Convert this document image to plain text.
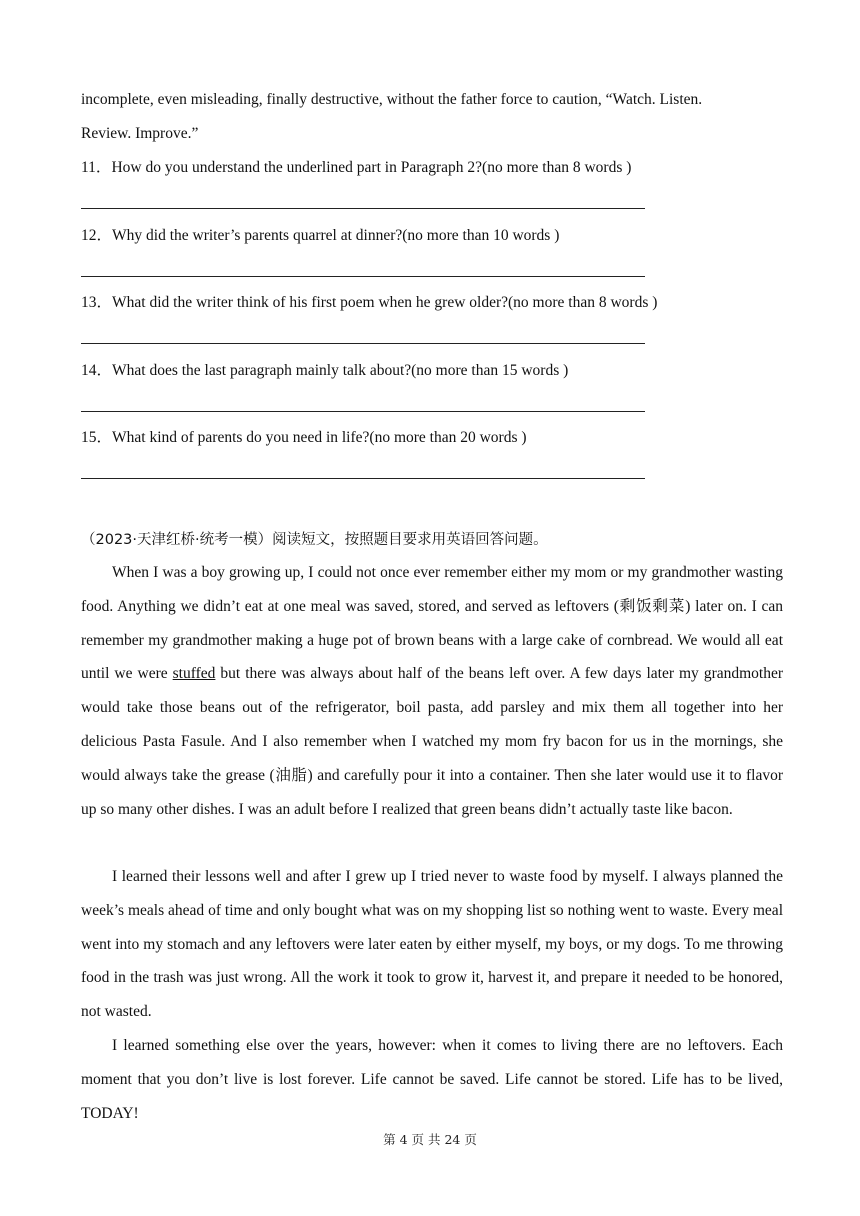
incomplete, even misleading, finally destructive, without the father force to caution, “Watch. Listen.
Review. Improve.”
11．How do you understand the underlined part in Paragraph 2?(no more than 8 words )
12．Why did the writer’s parents quarrel at dinner?(no more than 10 words )
13．What did the writer think of his first poem when he grew older?(no more than 8 words )
14．What does the last paragraph mainly talk about?(no more than 15 words )
15．What kind of parents do you need in life?(no more than 20 words )
When I was a boy growing up, I could not once ever remember either my mom or my grandmother wasting food. Anything we didn’t eat at one meal was saved, stored, and served as leftovers (剩饭剩菜) later on. I can remember my grandmother making a huge pot of brown beans with a large cake of cornbread. We would all eat until we were stuffed but there was always about half of the beans left over. A few days later my grandmother would take those beans out of the refrigerator, boil pasta, add parsley and mix them all together into her delicious Pasta Fasule. And I also remember when I watched my mom fry bacon for us in the mornings, she would always take the grease (油脂) and carefully pour it into a container. Then she later would use it to flavor up so many other dishes. I was an adult before I realized that green beans didn’t actually taste like bacon.
I learned their lessons well and after I grew up I tried never to waste food by myself. I always planned the week’s meals ahead of time and only bought what was on my shopping list so nothing went to waste. Every meal went into my stomach and any leftovers were later eaten by either myself, my boys, or my dogs. To me throwing food in the trash was just wrong. All the work it took to grow it, harvest it, and prepare it needed to be honored, not wasted.
I learned something else over the years, however: when it comes to living there are no leftovers. Each moment that you don’t live is lost forever. Life cannot be saved. Life cannot be stored. Life has to be lived, TODAY!
（2023·天津红桥·统考一模）阅读短文，按照题目要求用英语回答问题。
第 4 页 共 24 页
